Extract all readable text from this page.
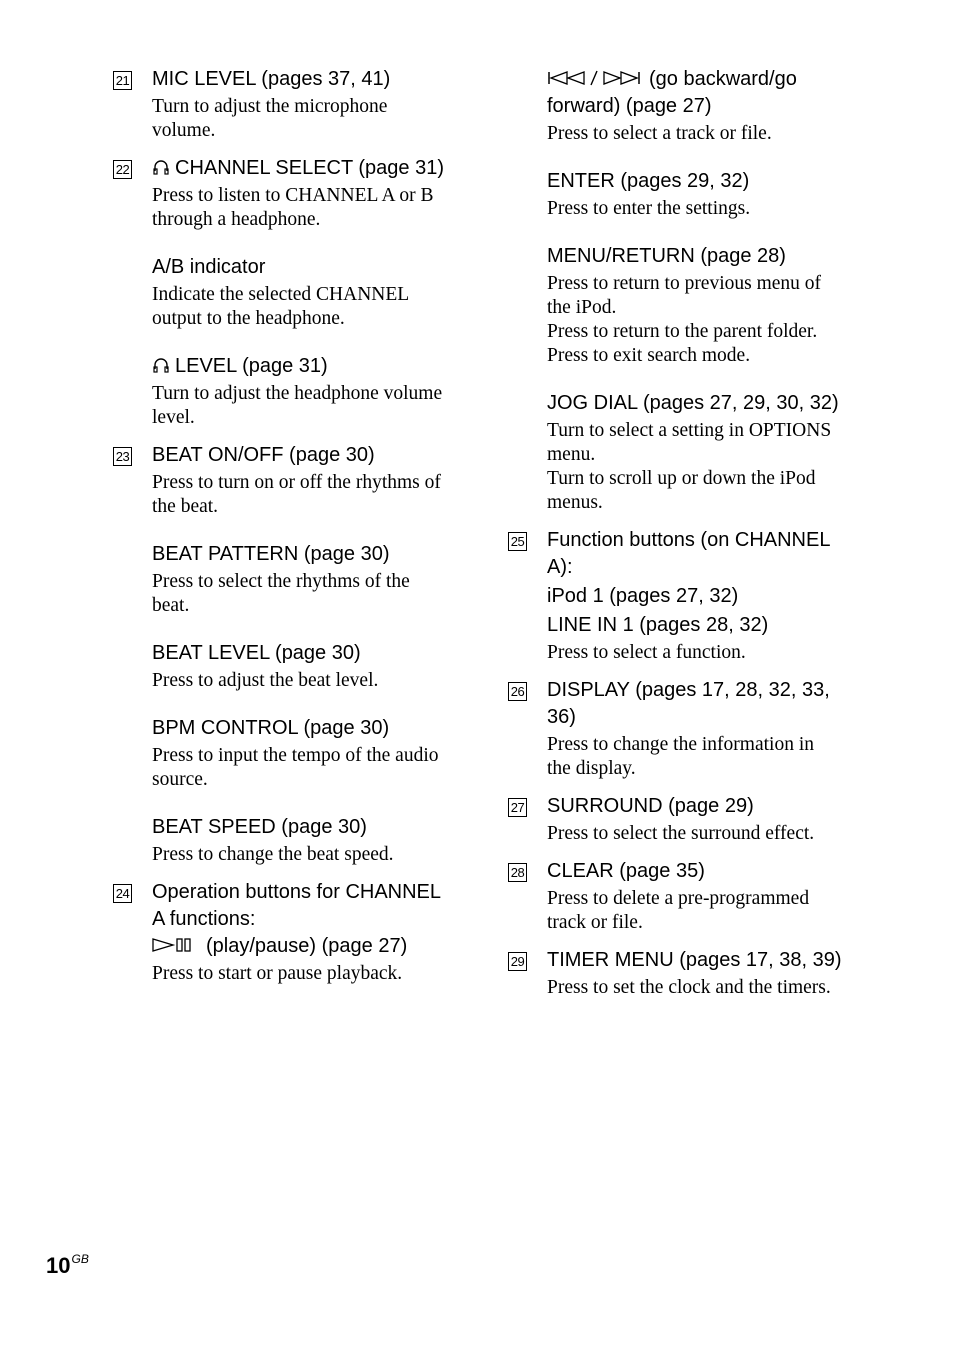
21 MIC LEVEL (pages 37, 41)

Turn to adjust the microphone
volume.

22	CHANNEL SELECT (page 31)

Press to listen to CHANNEL A or B
through a headphone.

A/B indicator

Indicate the selected CHANNEL
output to the headphone.

LEVEL (page 31)

Turn to adjust the headphone volume
level.

23 BEAT ON/OFF (page 30)

Press to turn on or off the rhythms of
the beat.

BEAT PATTERN (page 30)

Press to select the rhythms of the
beat.

BEAT LEVEL (page 30)

Press to adjust the beat level.

BPM CONTROL (page 30)

Press to input the tempo of the audio
source.

BEAT SPEED (page 30)

Press to change the beat speed.

24 Operation buttons for CHANNEL
A functions:

(play/pause) (page 27)

Press to start or pause playback.

(go backward/go
forward) (page 27)

Press to select a track or file.

ENTER (pages 29, 32)

Press to enter the settings.

MENU/RETURN (page 28)

Press to return to previous menu of
the iPod.
Press to return to the parent folder.
Press to exit search mode.

JOG DIAL (pages 27, 29, 30, 32)

Turn to select a setting in OPTIONS
menu.
Turn to scroll up or down the iPod
menus.

25 Function buttons (on CHANNEL
A):

iPod 1 (pages 27, 32)

LINE IN 1 (pages 28, 32)

Press to select a function.

26 DISPLAY (pages 17, 28, 32, 33,
36)

Press to change the information in
the display.

27 SURROUND (page 29)

Press to select the surround effect.

28 CLEAR (page 35)

Press to delete a pre-programmed
track or file.

29 TIMER MENU (pages 17, 38, 39)

Press to set the clock and the timers.

$10^{GB}$
